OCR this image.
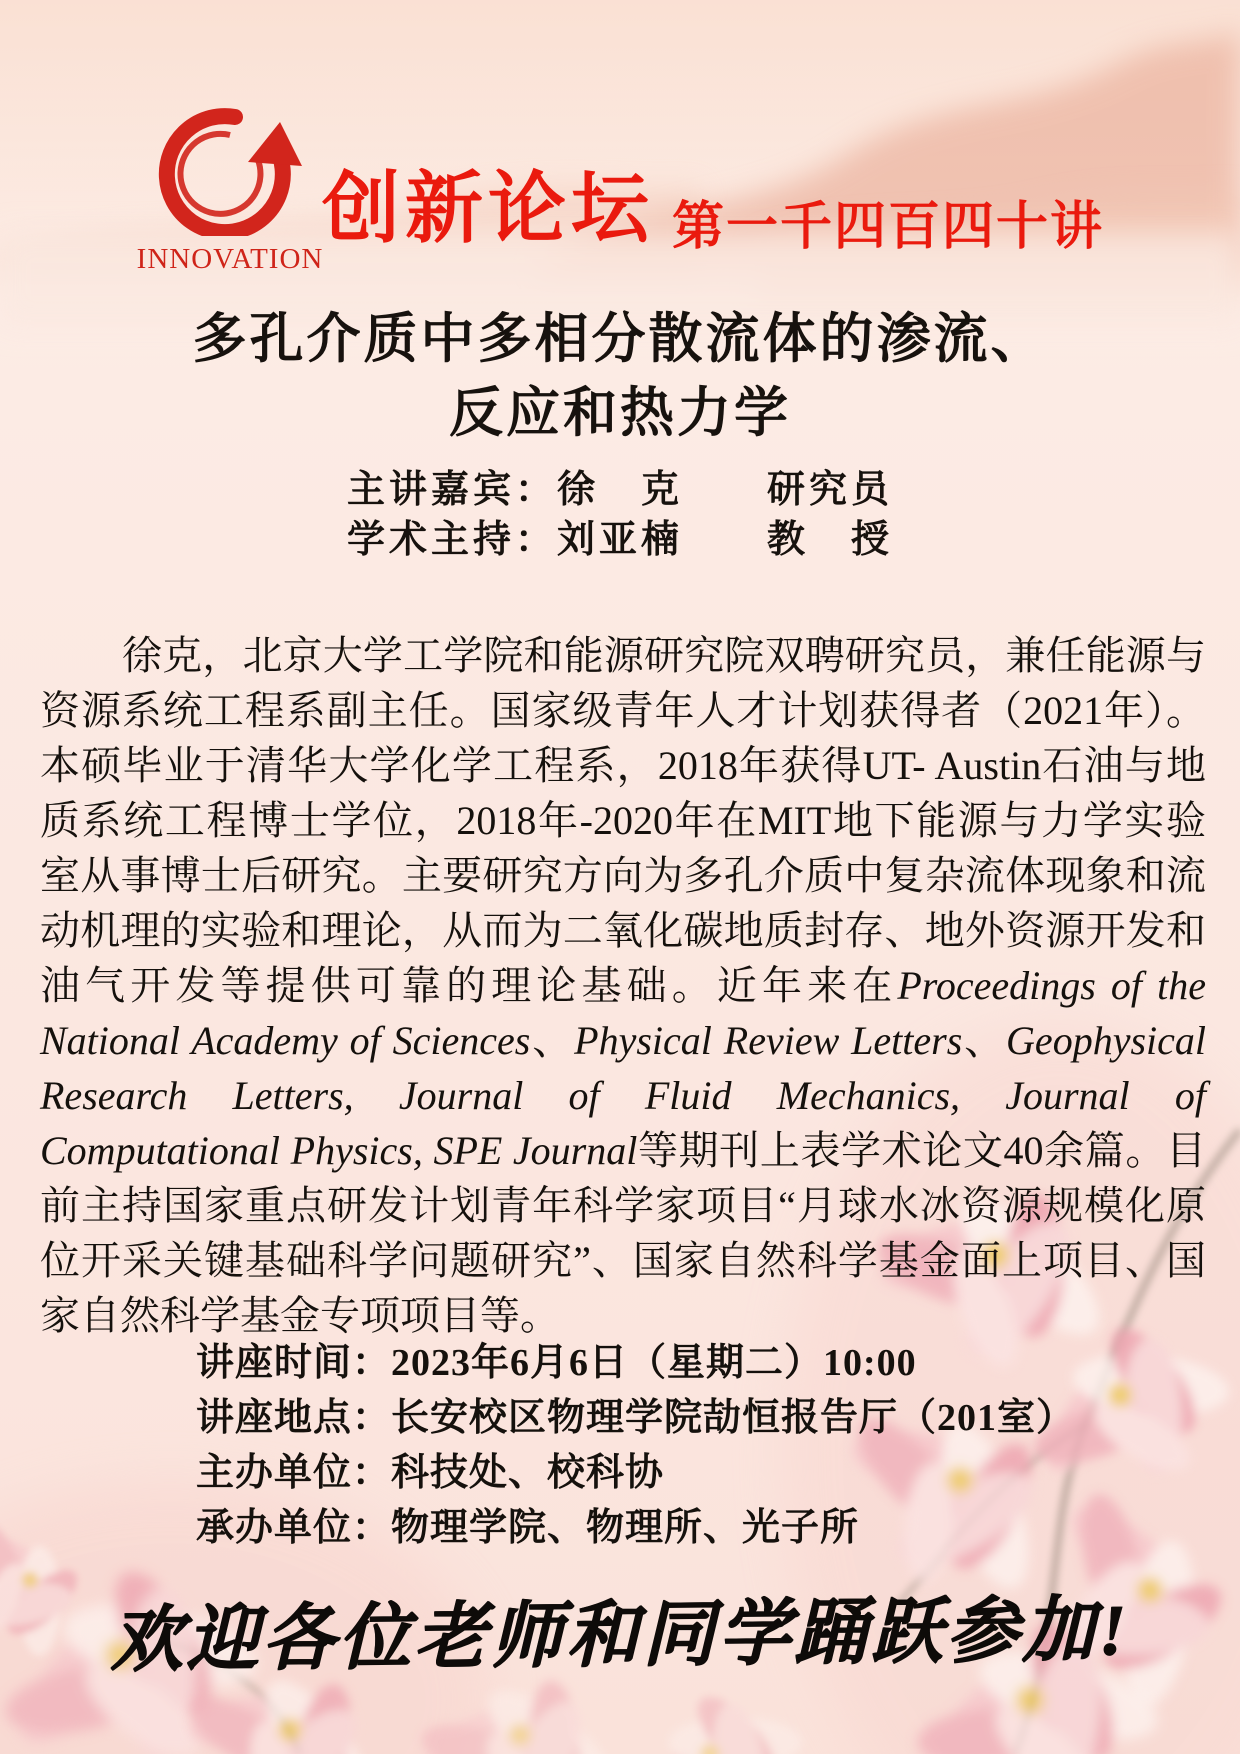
INNOVATION
创新论坛 第一千四百四十讲
多孔介质中多相分散流体的渗流、
反应和热力学
主讲嘉宾：徐　克　　研究员
学术主持：刘亚楠　　教　授

徐克，北京大学工学院和能源研究院双聘研究员，兼任能源与资源系统工程系副主任。国家级青年人才计划获得者（2021年）。本硕毕业于清华大学化学工程系，2018年获得UT- Austin石油与地质系统工程博士学位，2018年-2020年在MIT地下能源与力学实验室从事博士后研究。主要研究方向为多孔介质中复杂流体现象和流动机理的实验和理论，从而为二氧化碳地质封存、地外资源开发和油气开发等提供可靠的理论基础。近年来在Proceedings of the National Academy of Sciences、Physical Review Letters、Geophysical Research Letters, Journal of Fluid Mechanics, Journal of Computational Physics, SPE Journal等期刊上表学术论文40余篇。目前主持国家重点研发计划青年科学家项目“月球水冰资源规模化原位开采关键基础科学问题研究”、国家自然科学基金面上项目、国家自然科学基金专项项目等。

讲座时间：2023年6月6日（星期二）10:00
讲座地点：长安校区物理学院劼恒报告厅（201室）
主办单位：科技处、校科协
承办单位：物理学院、物理所、光子所
欢迎各位老师和同学踊跃参加!
